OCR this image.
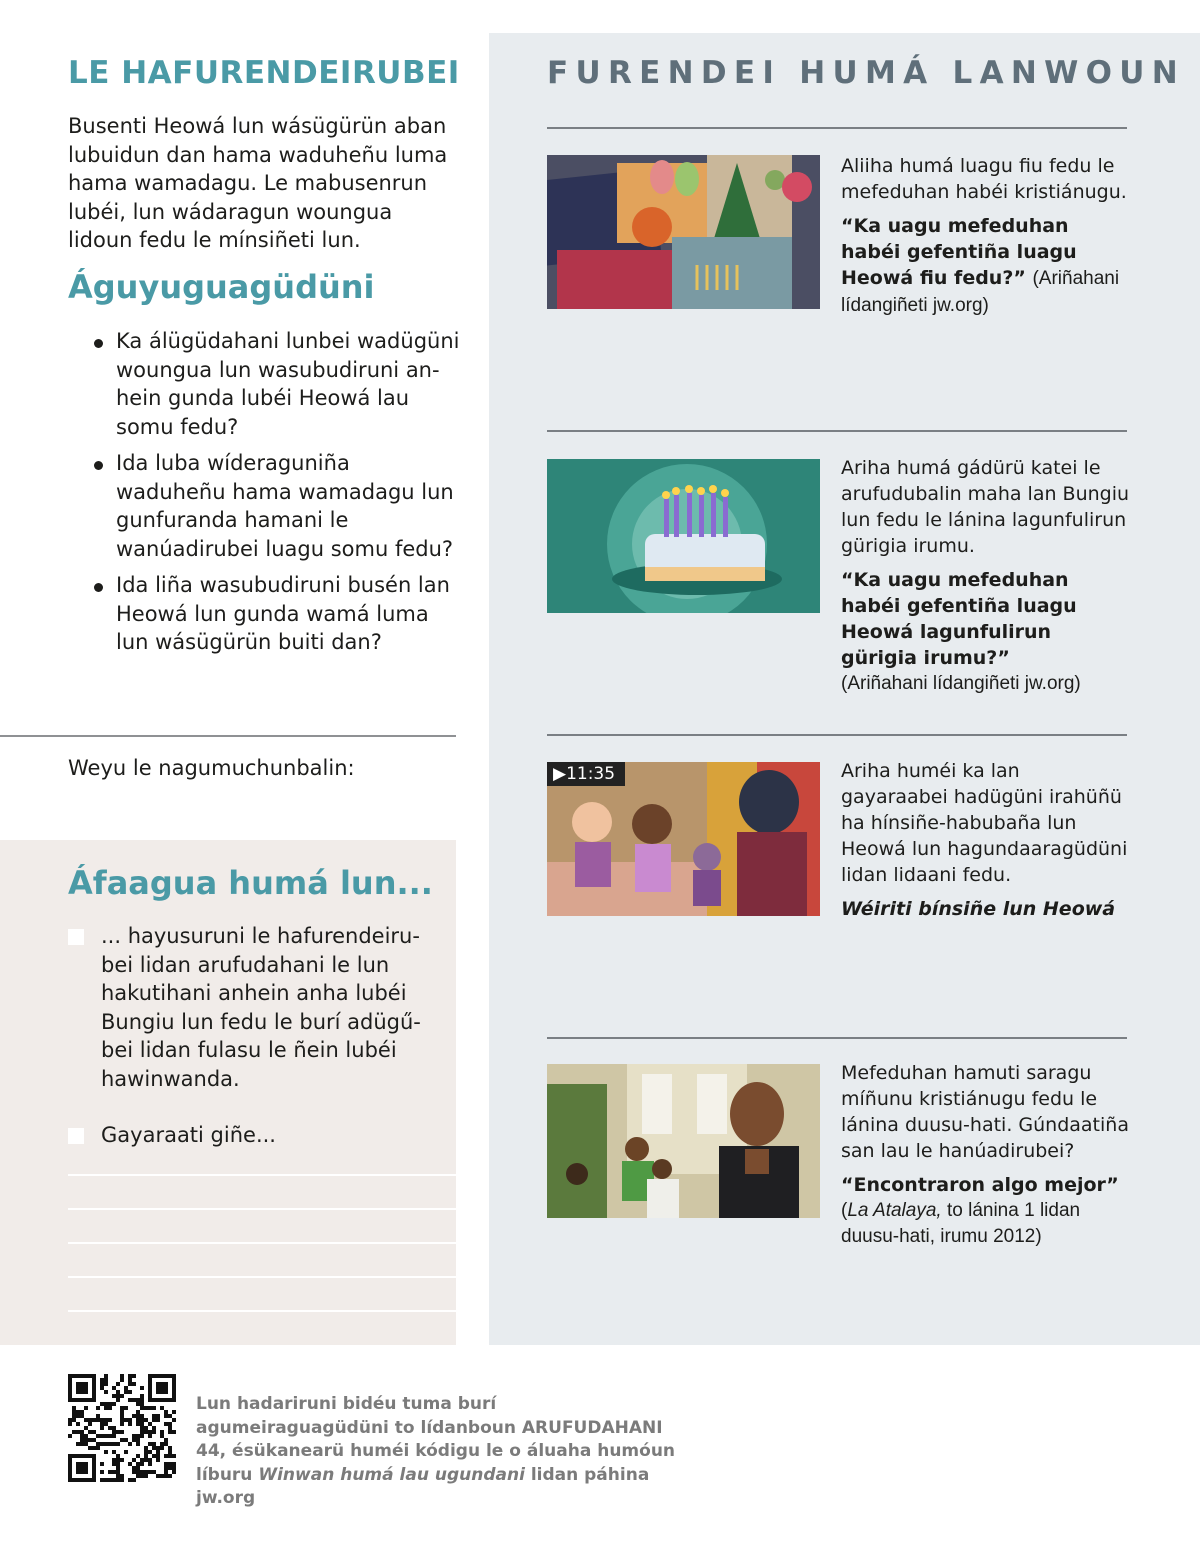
LE HAFURENDEIRUBEI

Busenti Heowá lun wásügürün aban lubuidun dan hama waduheñu luma hama wamadagu. Le mabusenrun lubéi, lun wádaragun woungua lidoun fedu le mínsiñeti lun.

Águyuguagüdüni
Ka álügüdahani lunbei wadügüni woungua lun wasubudiruni an-hein gunda lubéi Heowá lau somu fedu?
Ida luba wíderaguniña waduheñu hama wamadagu lun gunfuranda hamani le wanúadirubei luagu somu fedu?
Ida liña wasubudiruni busén lan Heowá lun gunda wamá luma lun wásügürün buiti dan?
Weyu le nagumuchunbalin:
Áfaagua humá lun...
... hayusuruni le hafurendeiru-bei lidan arufudahani le lun hakutihani anhein anha lubéi Bungiu lun fedu le burí adügű-bei lidan fulasu le ñein lubéi hawinwanda.
Gayaraati giñe...
FURENDEI HUMÁ LANWOUN
Aliiha humá luagu fiu fedu le mefeduhan habéi kristiánugu.
“Ka uagu mefeduhan habéi gefentiña luagu Heowá fiu fedu?” (Ariñahani lídangiñeti jw.org)
Ariha humá gádürü katei le arufudubalin maha lan Bungiu lun fedu le lánina lagunfulirun gürigia irumu.
“Ka uagu mefeduhan habéi gefentiña luagu Heowá lagunfulirun gürigia irumu?”
(Ariñahani lídangiñeti jw.org)
▶11:35	Ariha huméi ka lan gayaraabei hadügüni irahüñü ha hínsiñe-habubaña lun Heowá lun hagundaaragüdüni lidan lidaani fedu.
Wéiriti bínsiñe lun Heowá
Mefeduhan hamuti saragu míñunu kristiánugu fedu le lánina duusu-hati. Gúndaatiña san lau le hanúadirubei?
“Encontraron algo mejor”
(La Atalaya, to lánina 1 lidan duusu-hati, irumu 2012)
Lun hadariruni bidéu tuma burí agumeiraguagüdüni to lídanboun ARUFUDAHANI 44, ésükanearü huméi kódigu le o áluaha humóun líburu Winwan humá lau ugundani lidan páhina jw.org
